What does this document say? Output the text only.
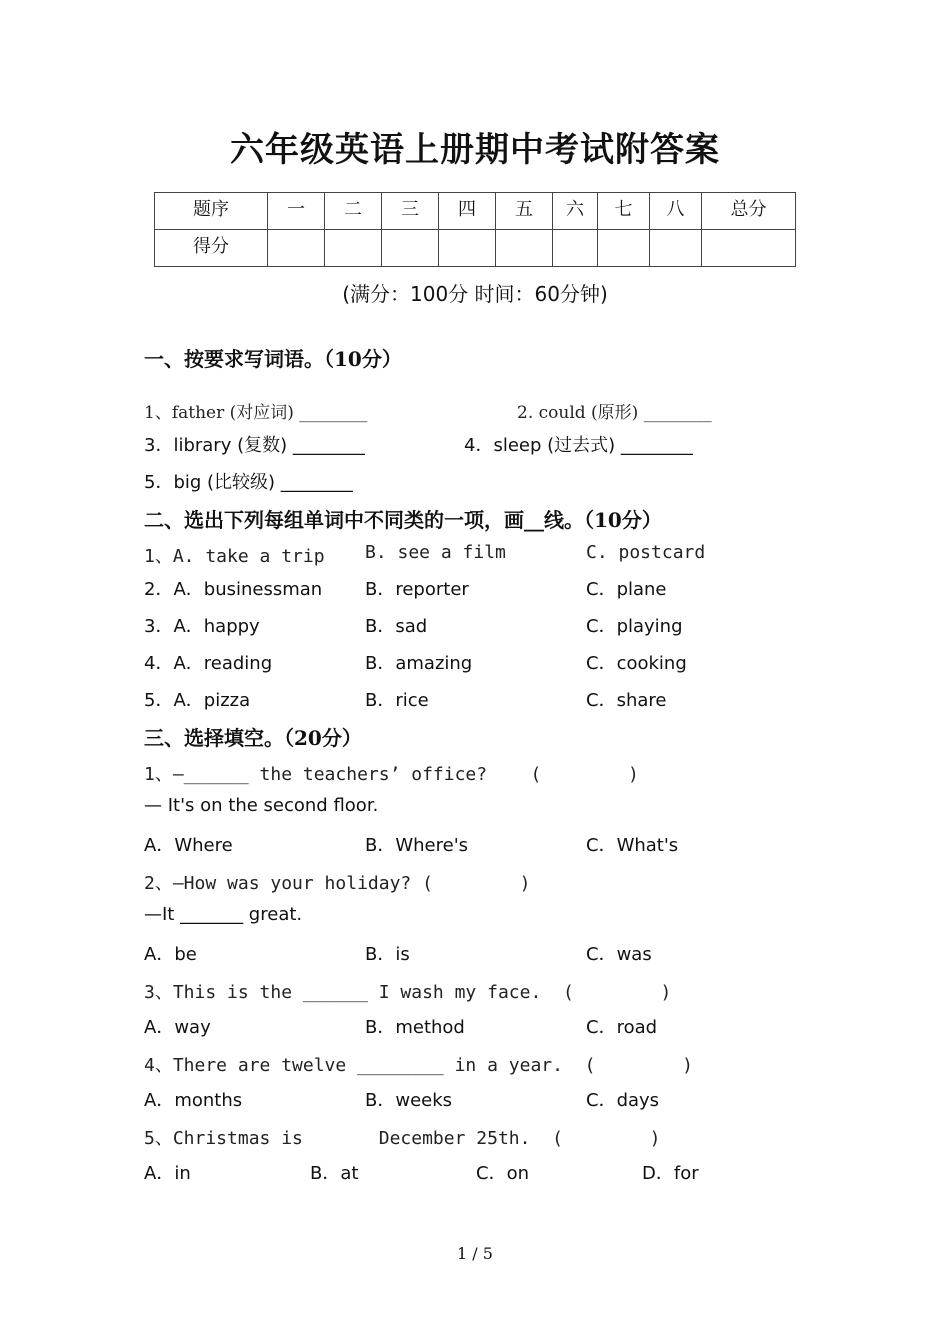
六年级英语上册期中考试附答案
题序	一	二	三	四	五	六	七	八	总分

得分									

(满分：100分 时间：60分钟)
一、按要求写词语。（10分）
1、father (对应词) ________	2. could (原形) ________
3．library (复数) ________	4．sleep (过去式) ________
5．big (比较级) ________
二、选出下列每组单词中不同类的一项，画__线。（10分）
1、A. take a trip B. see a film	C. postcard
2．A．businessman B．reporter	C．plane
3．A．happy	B．sad	C．playing
4．A．reading	B．amazing	C．cooking
5．A．pizza	B．rice	C．share
三、选择填空。（20分）
1、—______ the teachers’ office?    (        )
— It's on the second floor.
A．Where	B．Where's	C．What's
2、—How was your holiday? (        )
—It _______ great.
A．be	B．is	C．was
3、This is the ______ I wash my face.  (        )
A．way	B．method	C．road
4、There are twelve ________ in a year.  (        )
A．months	B．weeks	C．days
5、Christmas is       December 25th.  (        )
A．in	B．at	C．on	D．for
1 / 5
